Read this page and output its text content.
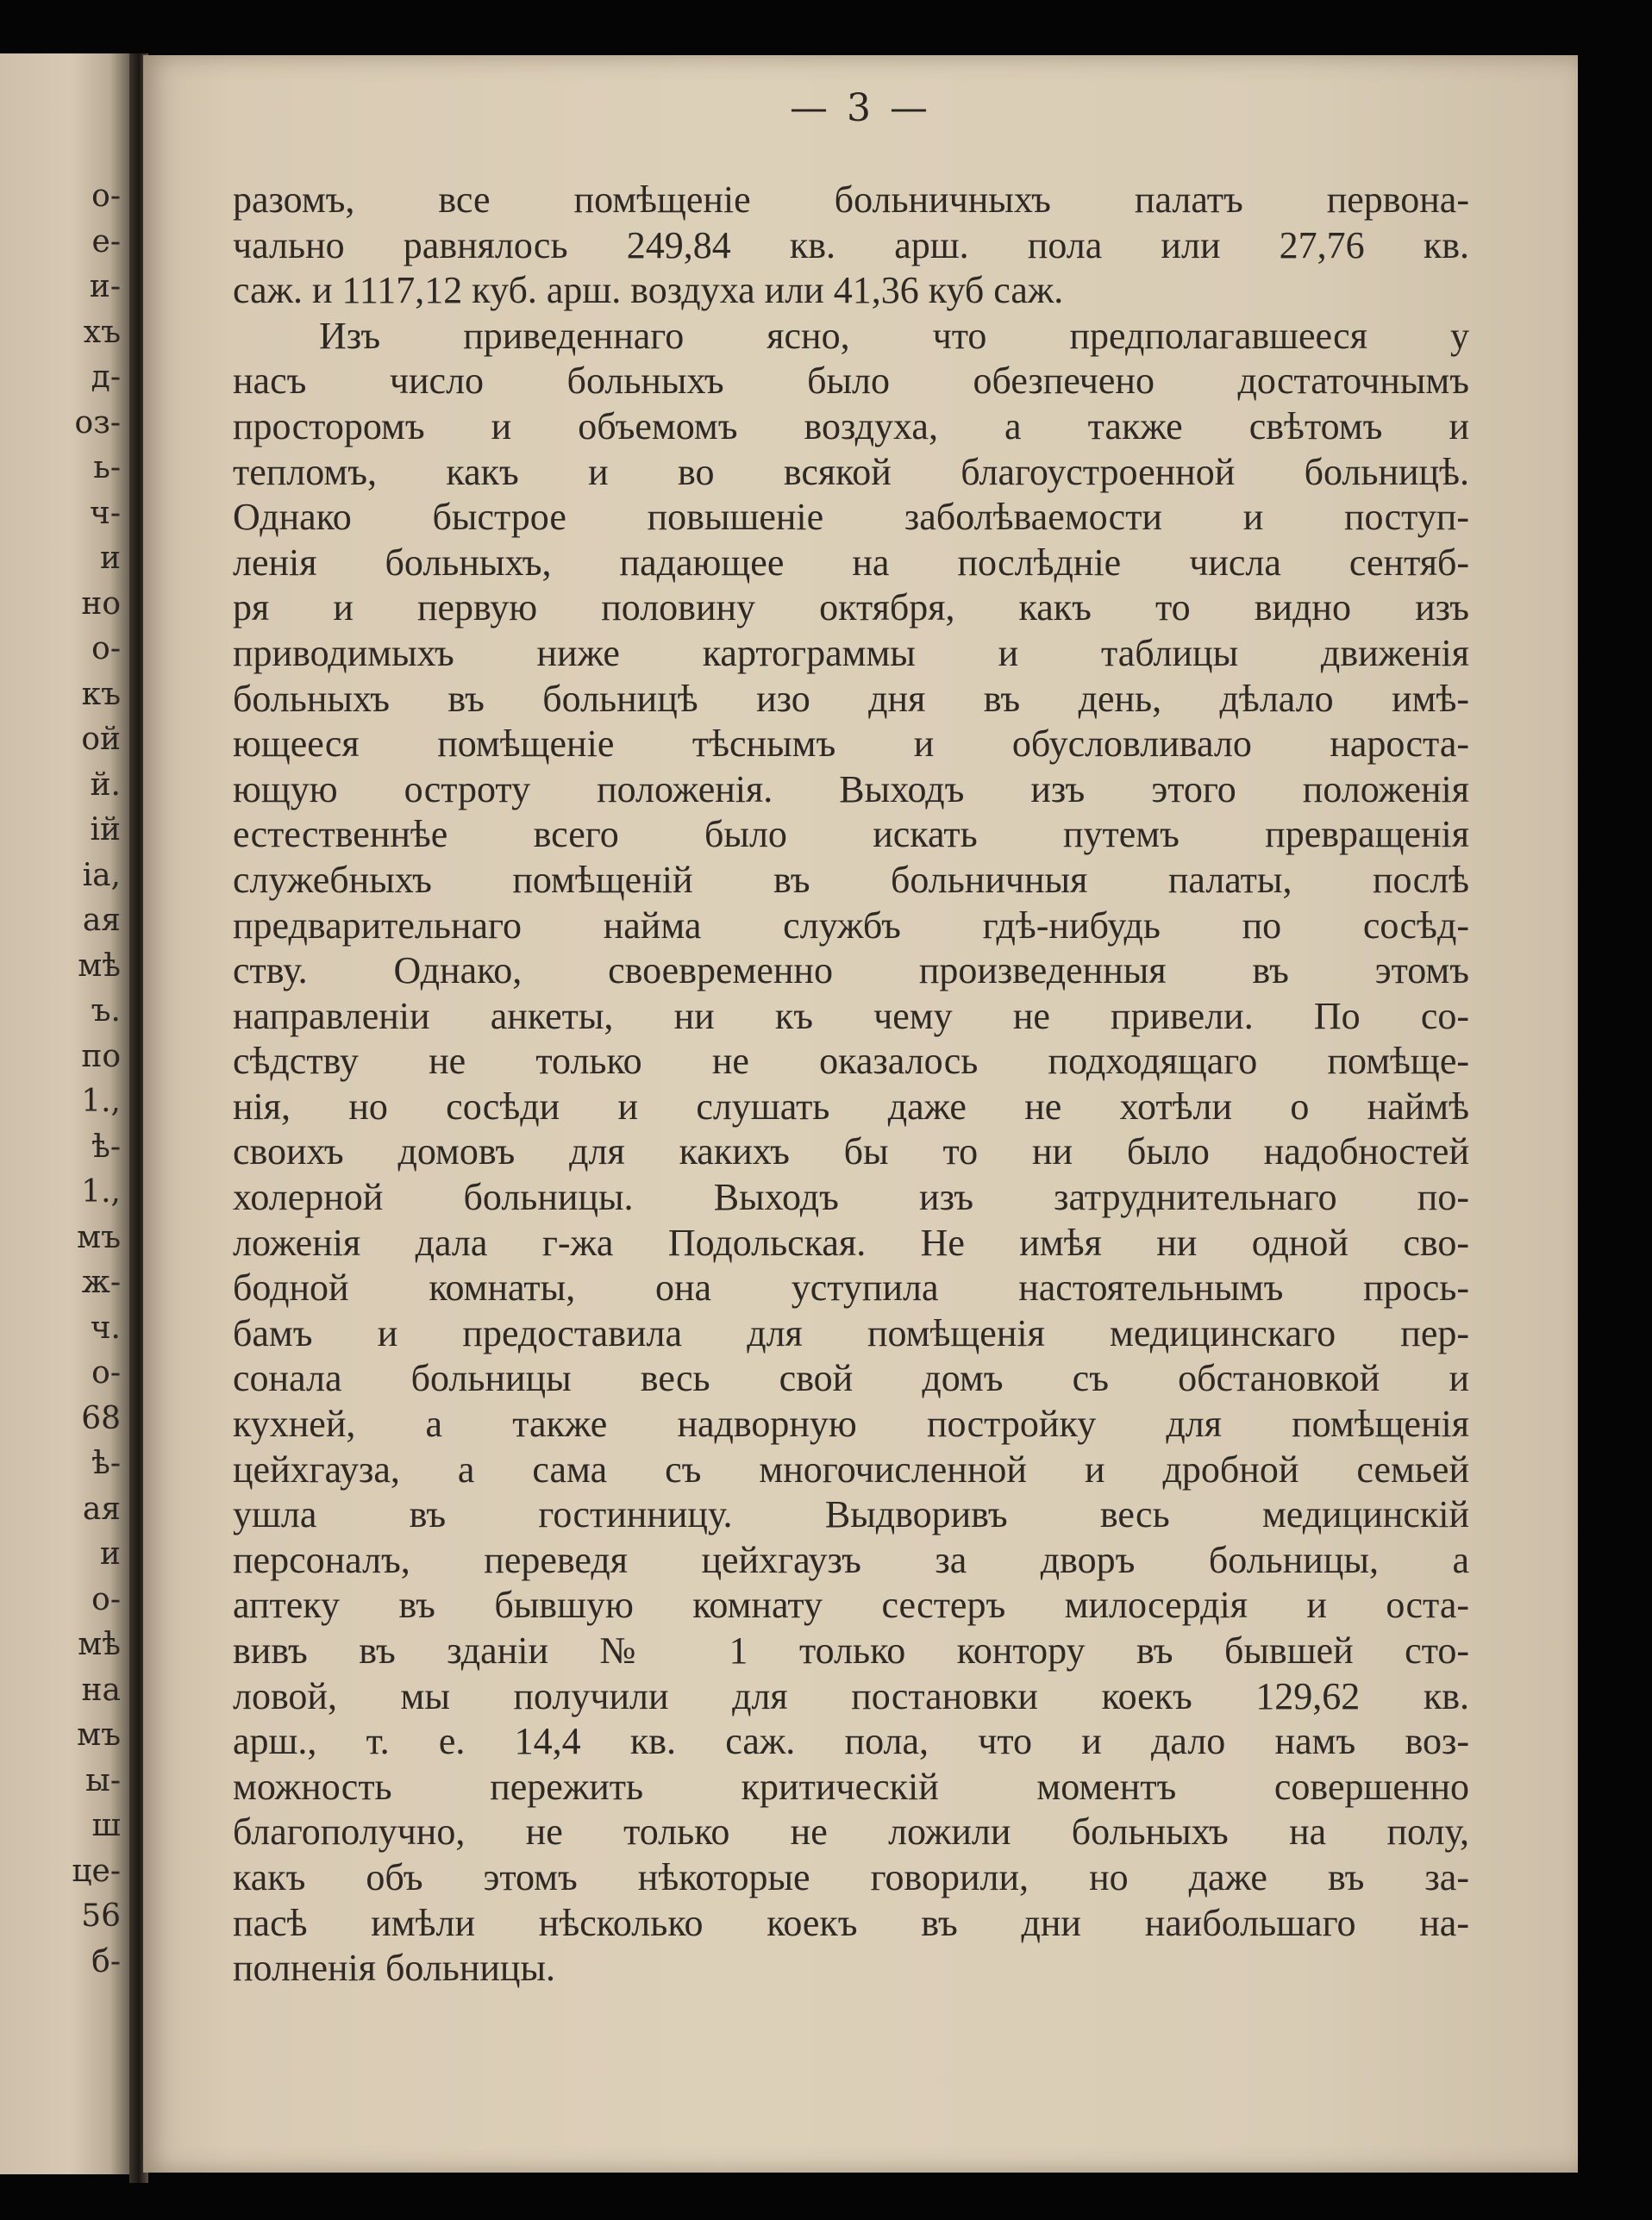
о-
е-
и-
хъ
д-
оз-
ь-
ч-
и
но
о-
къ
ой
й.
ій
ia,
ая
мѣ
ъ.
по
1.,
ѣ-
1.,
мъ
ж-
ч.
о-
68
ѣ-
ая
и
о-
мѣ
на
мъ
ы-
ш
це-
56
б-
— 3 —
разомъ, все помѣщеніе больничныхъ палатъ первона-
чально равнялось 249,84 кв. арш. пола или 27,76 кв.
саж. и 1117,12 куб. арш. воздуха или 41,36 куб саж.
Изъ приведеннаго ясно, что предполагавшееся у
насъ число больныхъ было обезпечено достаточнымъ
просторомъ и объемомъ воздуха, а также свѣтомъ и
тепломъ, какъ и во всякой благоустроенной больницѣ.
Однако быстрое повышеніе заболѣваемости и поступ-
ленія больныхъ, падающее на послѣдніе числа сентяб-
ря и первую половину октября, какъ то видно изъ
приводимыхъ ниже картограммы и таблицы движенія
больныхъ въ больницѣ изо дня въ день, дѣлало имѣ-
ющееся помѣщеніе тѣснымъ и обусловливало нароста-
ющую остроту положенія. Выходъ изъ этого положенія
естественнѣе всего было искать путемъ превращенія
служебныхъ помѣщеній въ больничныя палаты, послѣ
предварительнаго найма службъ гдѣ-нибудь по сосѣд-
ству. Однако, своевременно произведенныя въ этомъ
направленіи анкеты, ни къ чему не привели. По со-
сѣдству не только не оказалось подходящаго помѣще-
нія, но сосѣди и слушать даже не хотѣли о наймѣ
своихъ домовъ для какихъ бы то ни было надобностей
холерной больницы. Выходъ изъ затруднительнаго по-
ложенія дала г-жа Подольская. Не имѣя ни одной сво-
бодной комнаты, она уступила настоятельнымъ прось-
бамъ и предоставила для помѣщенія медицинскаго пер-
сонала больницы весь свой домъ съ обстановкой и
кухней, а также надворную постройку для помѣщенія
цейхгауза, а сама съ многочисленной и дробной семьей
ушла въ гостинницу. Выдворивъ весь медицинскій
персоналъ, переведя цейхгаузъ за дворъ больницы, а
аптеку въ бывшую комнату сестеръ милосердія и оста-
вивъ въ зданіи № 1 только контору въ бывшей сто-
ловой, мы получили для постановки коекъ 129,62 кв.
арш., т. е. 14,4 кв. саж. пола, что и дало намъ воз-
можность пережить критическій моментъ совершенно
благополучно, не только не ложили больныхъ на полу,
какъ объ этомъ нѣкоторые говорили, но даже въ за-
пасѣ имѣли нѣсколько коекъ въ дни наибольшаго на-
полненія больницы.
